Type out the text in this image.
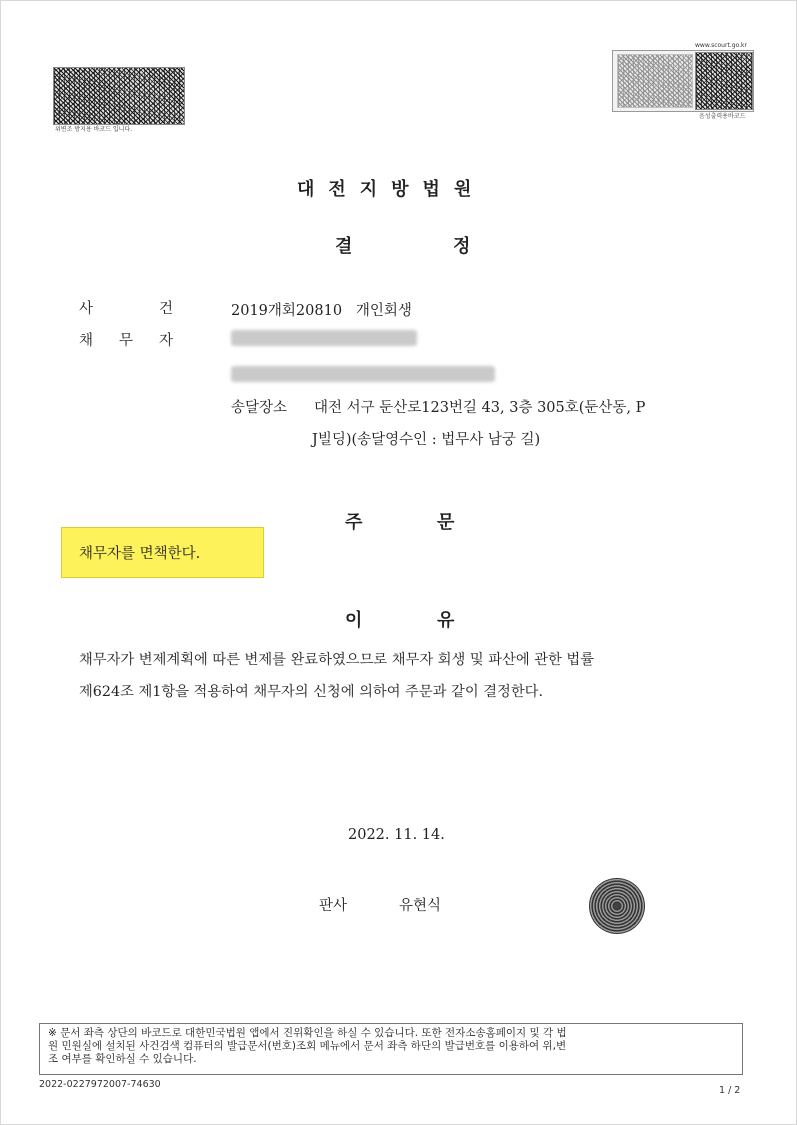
위변조 방지용 바코드 입니다.
www.scourt.go.kr
음성출력용바코드
대전지방법원
결	정
사	건	2019개회20810   개인회생
채 무 자
송달장소 대전 서구 둔산로123번길 43, 3층 305호(둔산동, P
J빌딩)(송달영수인 : 법무사 남궁 길)
주	문
채무자를 면책한다.
이	유
채무자가 변제계획에 따른 변제를 완료하였으므로 채무자 회생 및 파산에 관한 법률
제624조 제1항을 적용하여 채무자의 신청에 의하여 주문과 같이 결정한다.
2022. 11. 14.
판사	유현식
※ 문서 좌측 상단의 바코드로 대한민국법원 앱에서 진위확인을 하실 수 있습니다. 또한 전자소송홈페이지 및 각 법
원 민원실에 설치된 사건검색 컴퓨터의 발급문서(번호)조회 메뉴에서 문서 좌측 하단의 발급번호를 이용하여 위,변
조 여부를 확인하실 수 있습니다.
2022-0227972007-74630
1 / 2
